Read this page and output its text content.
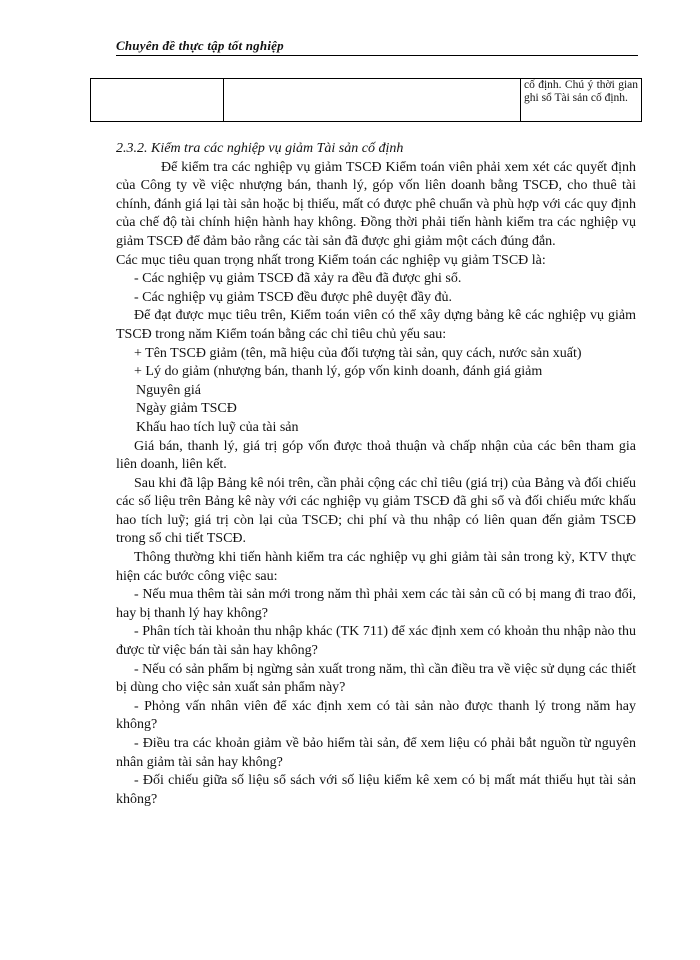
Chuyên đề thực tập tốt nghiệp

cố định. Chú ý thời gian ghi sổ Tài sản cố định.

2.3.2. Kiểm tra các nghiệp vụ giảm Tài sản cố định

Để kiểm tra các nghiệp vụ giảm TSCĐ Kiểm toán viên phải xem xét các quyết định của Công ty về việc nhượng bán, thanh lý, góp vốn liên doanh bằng TSCĐ, cho thuê tài chính, đánh giá lại tài sản hoặc bị thiếu, mất có được phê chuẩn và phù hợp với các quy định của chế độ tài chính hiện hành hay không. Đồng thời phải tiến hành kiểm tra các nghiệp vụ giảm TSCĐ để đảm bảo rằng các tài sản đã được ghi giảm một cách đúng đắn.

Các mục tiêu quan trọng nhất trong Kiểm toán các nghiệp vụ giảm TSCĐ là:

- Các nghiệp vụ giảm TSCĐ đã xảy ra đều đã được ghi sổ.

- Các nghiệp vụ giảm TSCĐ đều được phê duyệt đầy đủ.

Để đạt được mục tiêu trên, Kiểm toán viên có thể xây dựng bảng kê các nghiệp vụ giảm TSCĐ trong năm Kiểm toán bằng các chỉ tiêu chủ yếu sau:

+ Tên TSCĐ giảm (tên, mã hiệu của đối tượng tài sản, quy cách, nước sản xuất)

+ Lý do giảm (nhượng bán, thanh lý, góp vốn kinh doanh, đánh giá giảm

Nguyên giá

Ngày giảm TSCĐ

Khấu hao tích luỹ của tài sản

Giá bán, thanh lý, giá trị góp vốn được thoả thuận và chấp nhận của các bên tham gia liên doanh, liên kết.

Sau khi đã lập Bảng kê nói trên, cần phải cộng các chỉ tiêu (giá trị) của Bảng và đối chiếu các số liệu trên Bảng kê này với các nghiệp vụ giảm TSCĐ đã ghi sổ và đối chiếu mức khấu hao tích luỹ; giá trị còn lại của TSCĐ; chi phí và thu nhập có liên quan đến giảm TSCĐ trong sổ chi tiết TSCĐ.

Thông thường khi tiến hành kiểm tra các nghiệp vụ ghi giảm tài sản trong kỳ, KTV thực hiện các bước công việc sau:

- Nếu mua thêm tài sản mới trong năm thì phải xem các tài sản cũ có bị mang đi trao đổi, hay bị thanh lý hay không?

- Phân tích tài khoản thu nhập khác (TK 711) để xác định xem có khoản thu nhập nào thu được từ việc bán tài sản hay không?

- Nếu có sản phẩm bị ngừng sản xuất trong năm, thì cần điều tra về việc sử dụng các thiết bị dùng cho việc sản xuất sản phẩm này?

- Phỏng vấn nhân viên để xác định xem có tài sản nào được thanh lý trong năm hay không?

- Điều tra các khoản giảm về bảo hiểm tài sản, để xem liệu có phải bắt nguồn từ nguyên nhân giảm tài sản hay không?

- Đối chiếu giữa số liệu sổ sách với số liệu kiểm kê xem có bị mất mát thiếu hụt tài sản không?
